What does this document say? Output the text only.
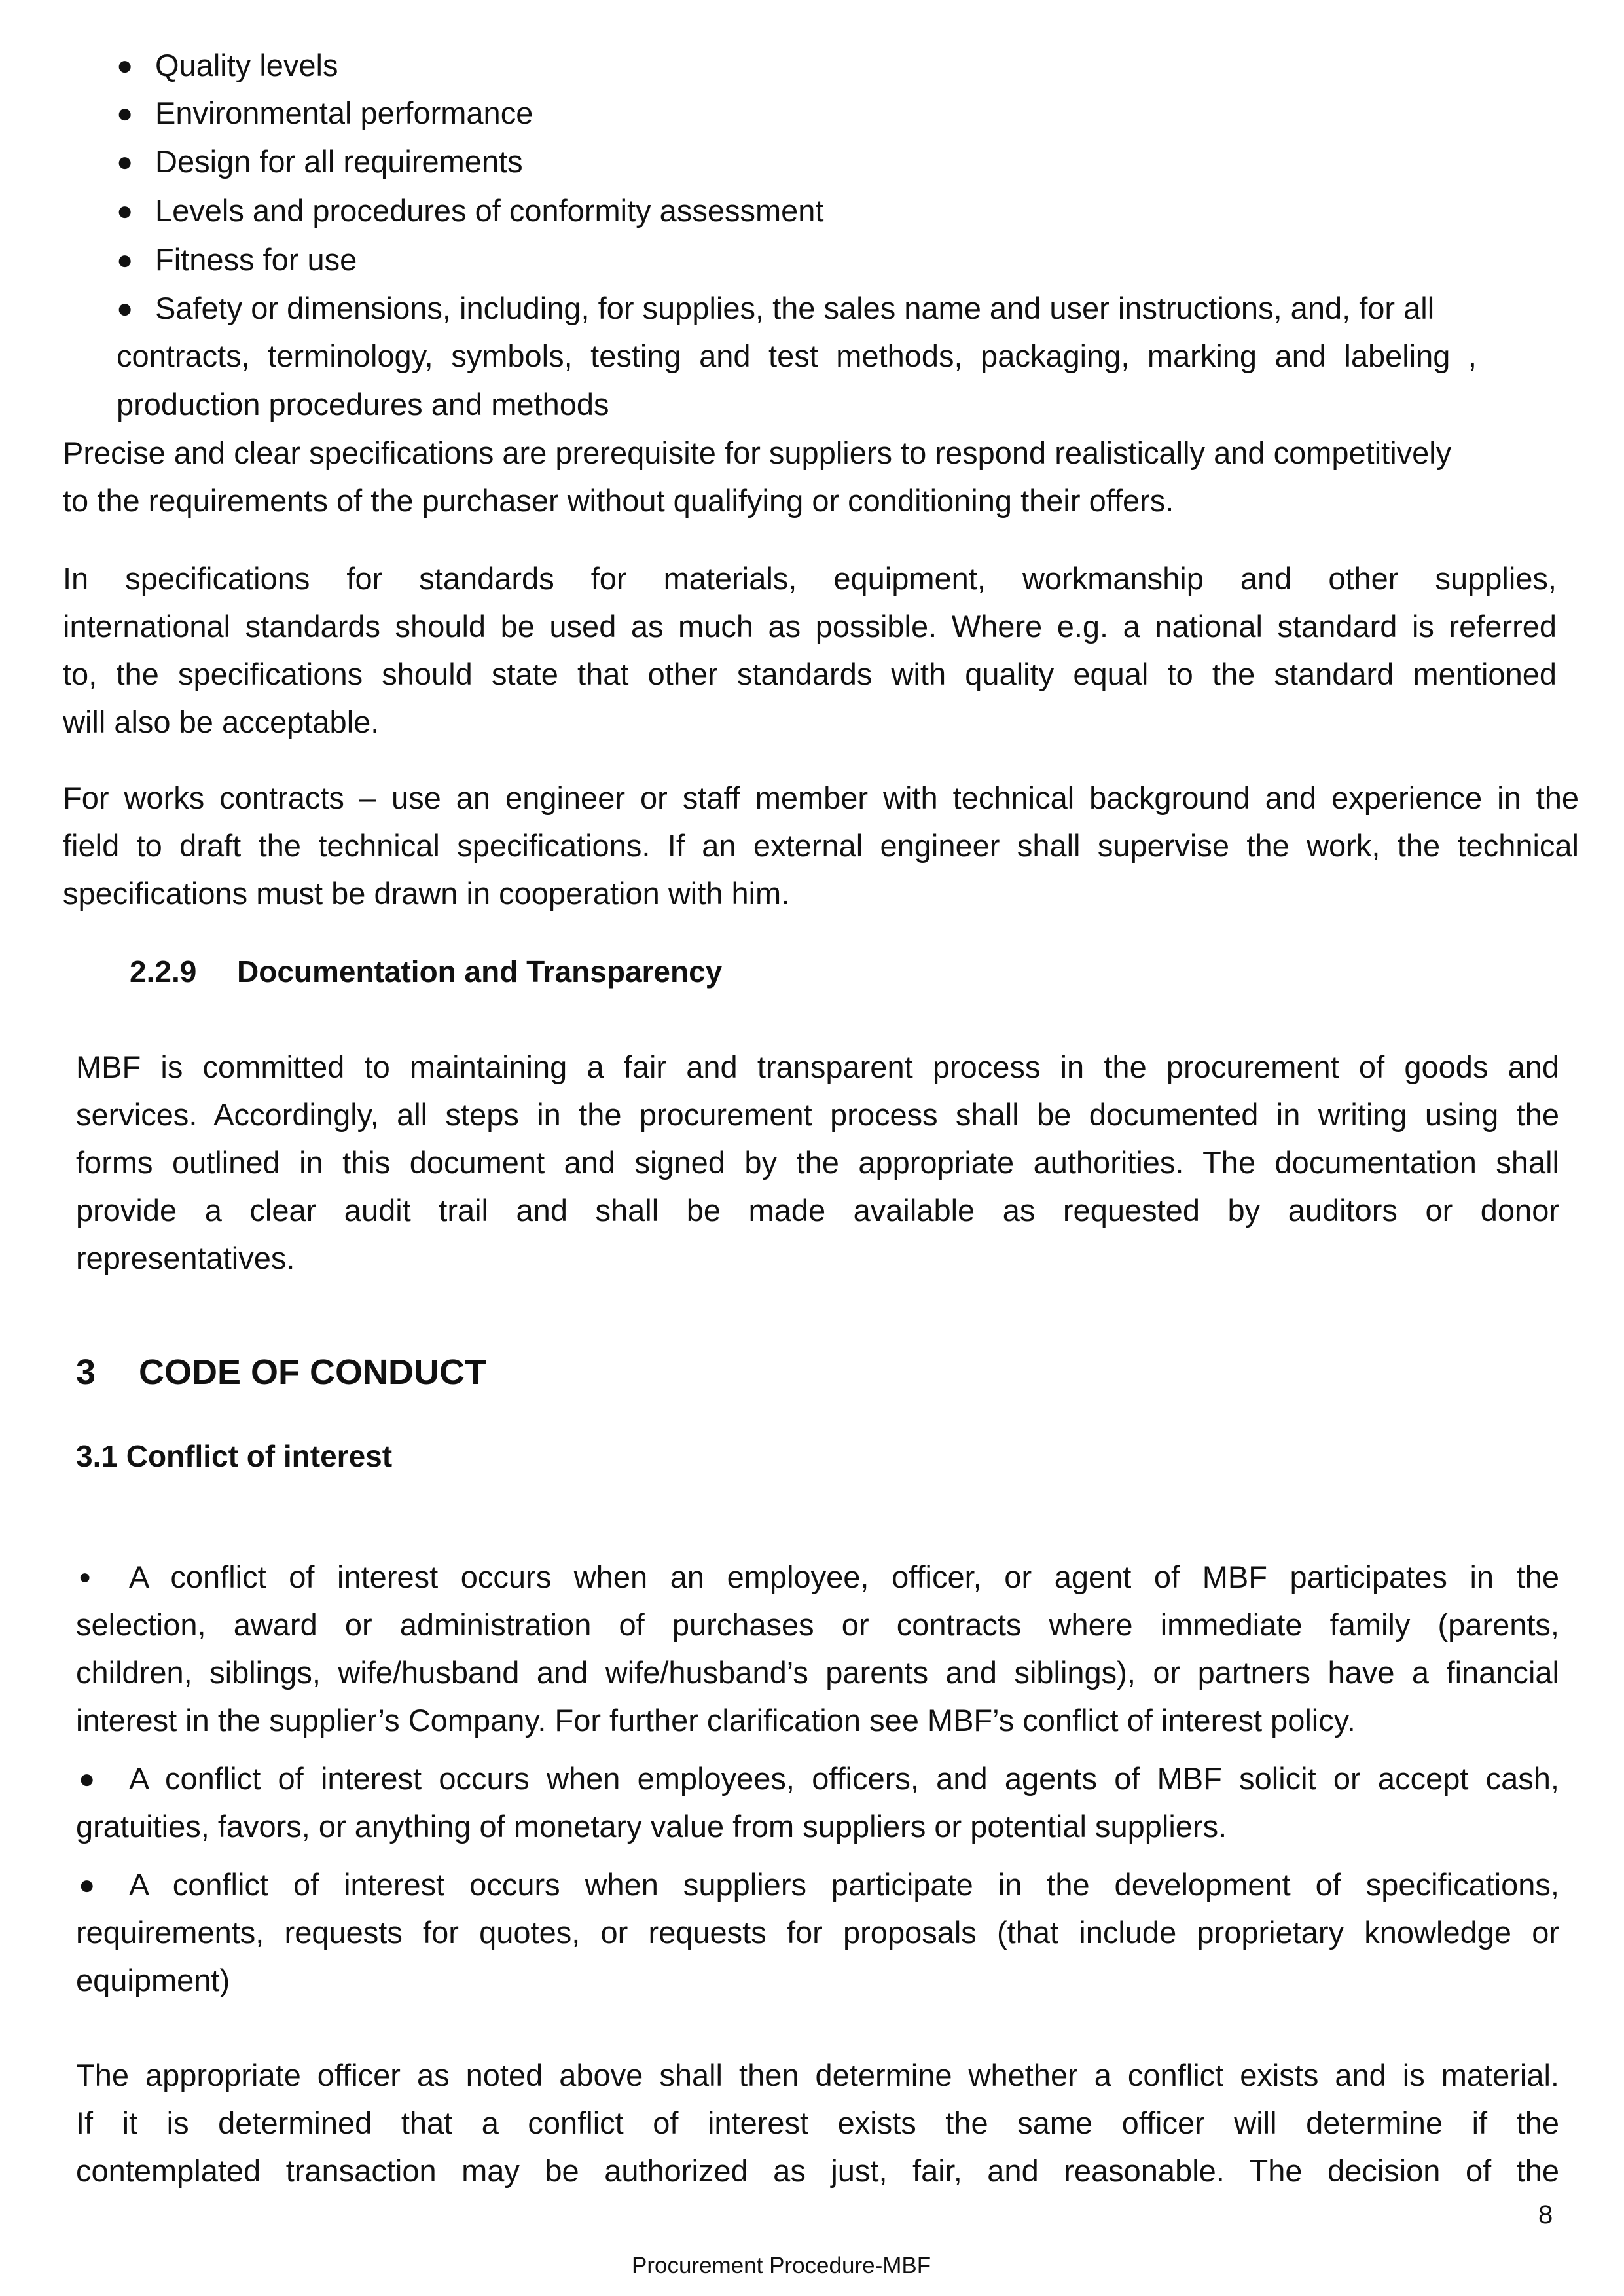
● Quality levels
● Environmental performance
● Design for all requirements
● Levels and procedures of conformity assessment
● Fitness for use
● Safety or dimensions, including, for supplies, the sales name and user instructions, and, for all
contracts, terminology, symbols, testing and test methods, packaging, marking and labeling ,
production procedures and methods
Precise and clear specifications are prerequisite for suppliers to respond realistically and competitively
to the requirements of the purchaser without qualifying or conditioning their offers.
In specifications for standards for materials, equipment, workmanship and other supplies,
international standards should be used as much as possible. Where e.g. a national standard is referred
to, the specifications should state that other standards with quality equal to the standard mentioned
will also be acceptable.
For works contracts – use an engineer or staff member with technical background and experience in the
field to draft the technical specifications. If an external engineer shall supervise the work, the technical
specifications must be drawn in cooperation with him.
2.2.9 Documentation and Transparency
MBF is committed to maintaining a fair and transparent process in the procurement of goods and
services. Accordingly, all steps in the procurement process shall be documented in writing using the
forms outlined in this document and signed by the appropriate authorities. The documentation shall
provide a clear audit trail and shall be made available as requested by auditors or donor
representatives.
3 CODE OF CONDUCT
3.1 Conflict of interest
● A conflict of interest occurs when an employee, officer, or agent of MBF participates in the
selection, award or administration of purchases or contracts where immediate family (parents,
children, siblings, wife/husband and wife/husband’s parents and siblings), or partners have a financial
interest in the supplier’s Company. For further clarification see MBF’s conflict of interest policy.
● A conflict of interest occurs when employees, officers, and agents of MBF solicit or accept cash,
gratuities, favors, or anything of monetary value from suppliers or potential suppliers.
● A conflict of interest occurs when suppliers participate in the development of specifications,
requirements, requests for quotes, or requests for proposals (that include proprietary knowledge or
equipment)
The appropriate officer as noted above shall then determine whether a conflict exists and is material.
If it is determined that a conflict of interest exists the same officer will determine if the
contemplated transaction may be authorized as just, fair, and reasonable. The decision of the
8
Procurement Procedure-MBF
